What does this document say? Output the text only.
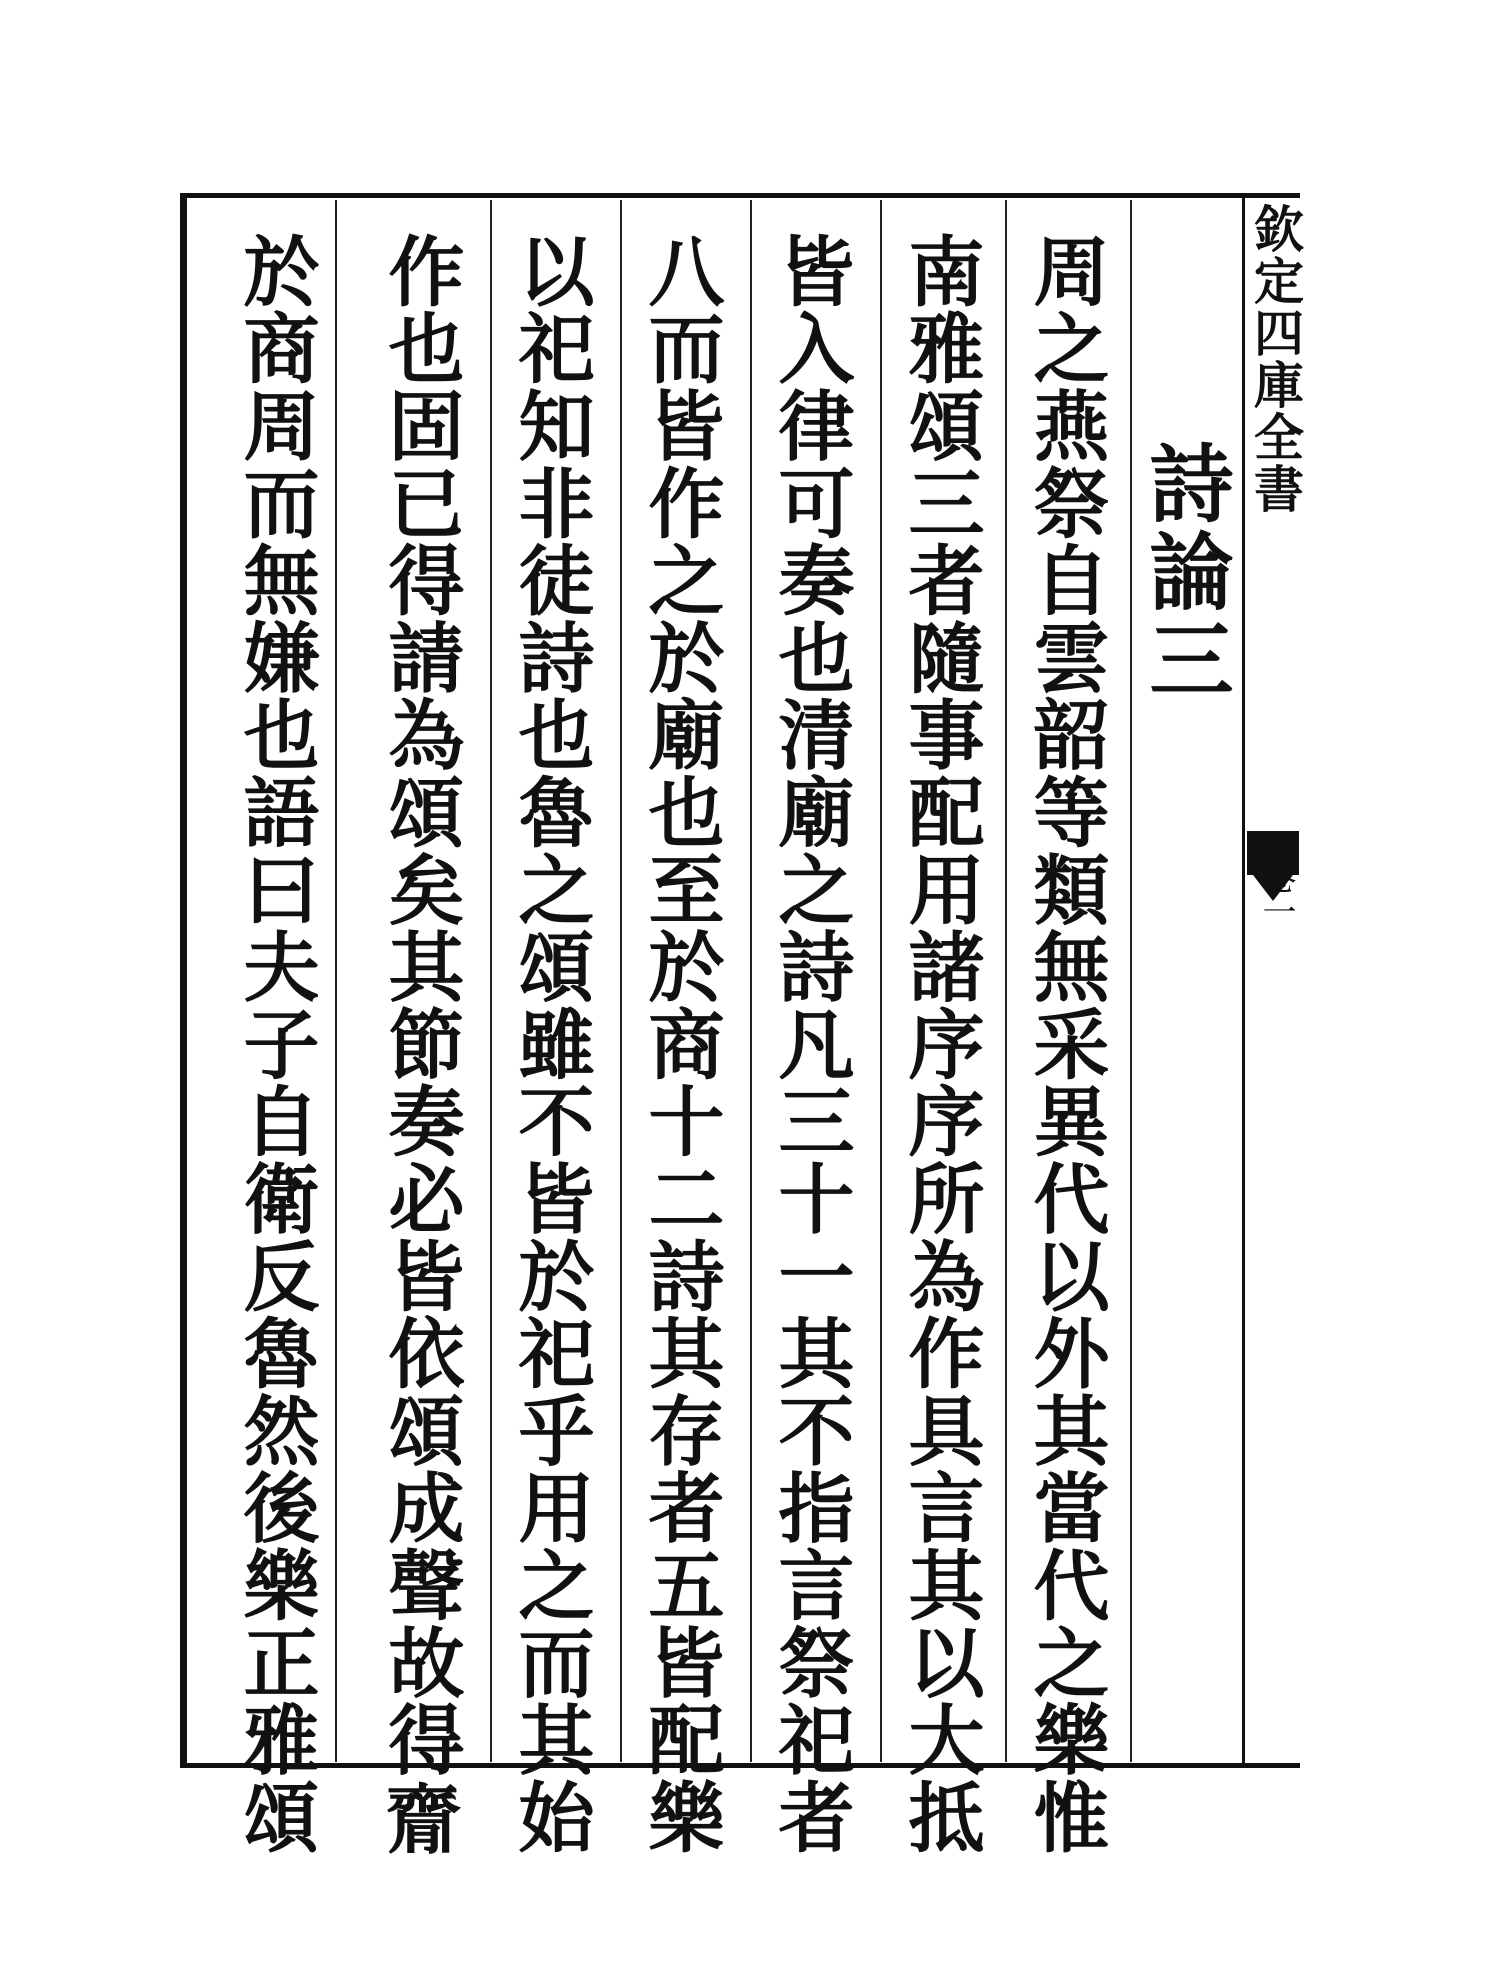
欽定四庫全書
卷一
詩論三
周之燕祭自雲韶等類無采異代以外其當代之樂惟
南雅頌三者隨事配用諸序序所為作具言其以大抵
皆入律可奏也清廟之詩凡三十一其不指言祭祀者
八而皆作之於廟也至於商十二詩其存者五皆配樂
以祀知非徒詩也魯之頌雖不皆於祀乎用之而其始
作也固已得請為頌矣其節奏必皆依頌成聲故得𪗇
於商周而無嫌也語曰夫子自衛反魯然後樂正雅頌
